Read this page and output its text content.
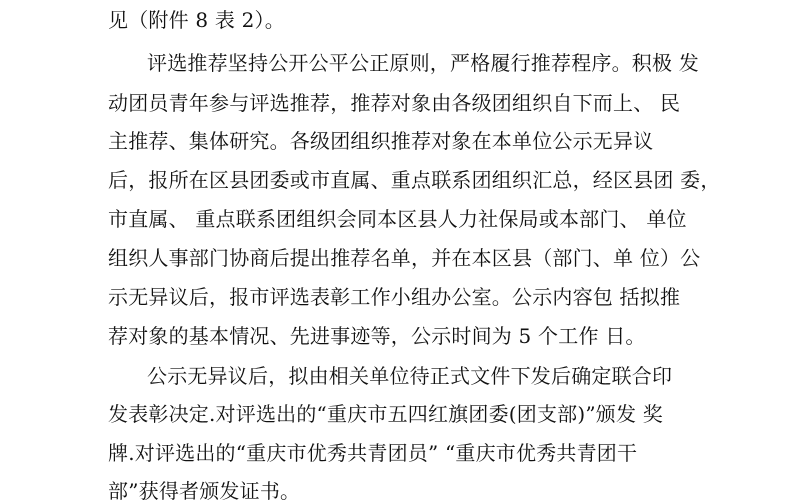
见（附件 8 表 2）。
评选推荐坚持公开公平公正原则，严格履行推荐程序。积极 发
动团员青年参与评选推荐，推荐对象由各级团组织自下而上、 民
主推荐、集体研究。各级团组织推荐对象在本单位公示无异议
后，报所在区县团委或市直属、重点联系团组织汇总，经区县团 委，
市直属、 重点联系团组织会同本区县人力社保局或本部门、 单位
组织人事部门协商后提出推荐名单，并在本区县（部门、单 位）公
示无异议后，报市评选表彰工作小组办公室。公示内容包 括拟推
荐对象的基本情况、先进事迹等，公示时间为 5 个工作 日。
公示无异议后，拟由相关单位待正式文件下发后确定联合印
发表彰决定.对评选出的“重庆市五四红旗团委(团支部)”颁发 奖
牌.对评选出的“重庆市优秀共青团员” “重庆市优秀共青团干
部”获得者颁发证书。
